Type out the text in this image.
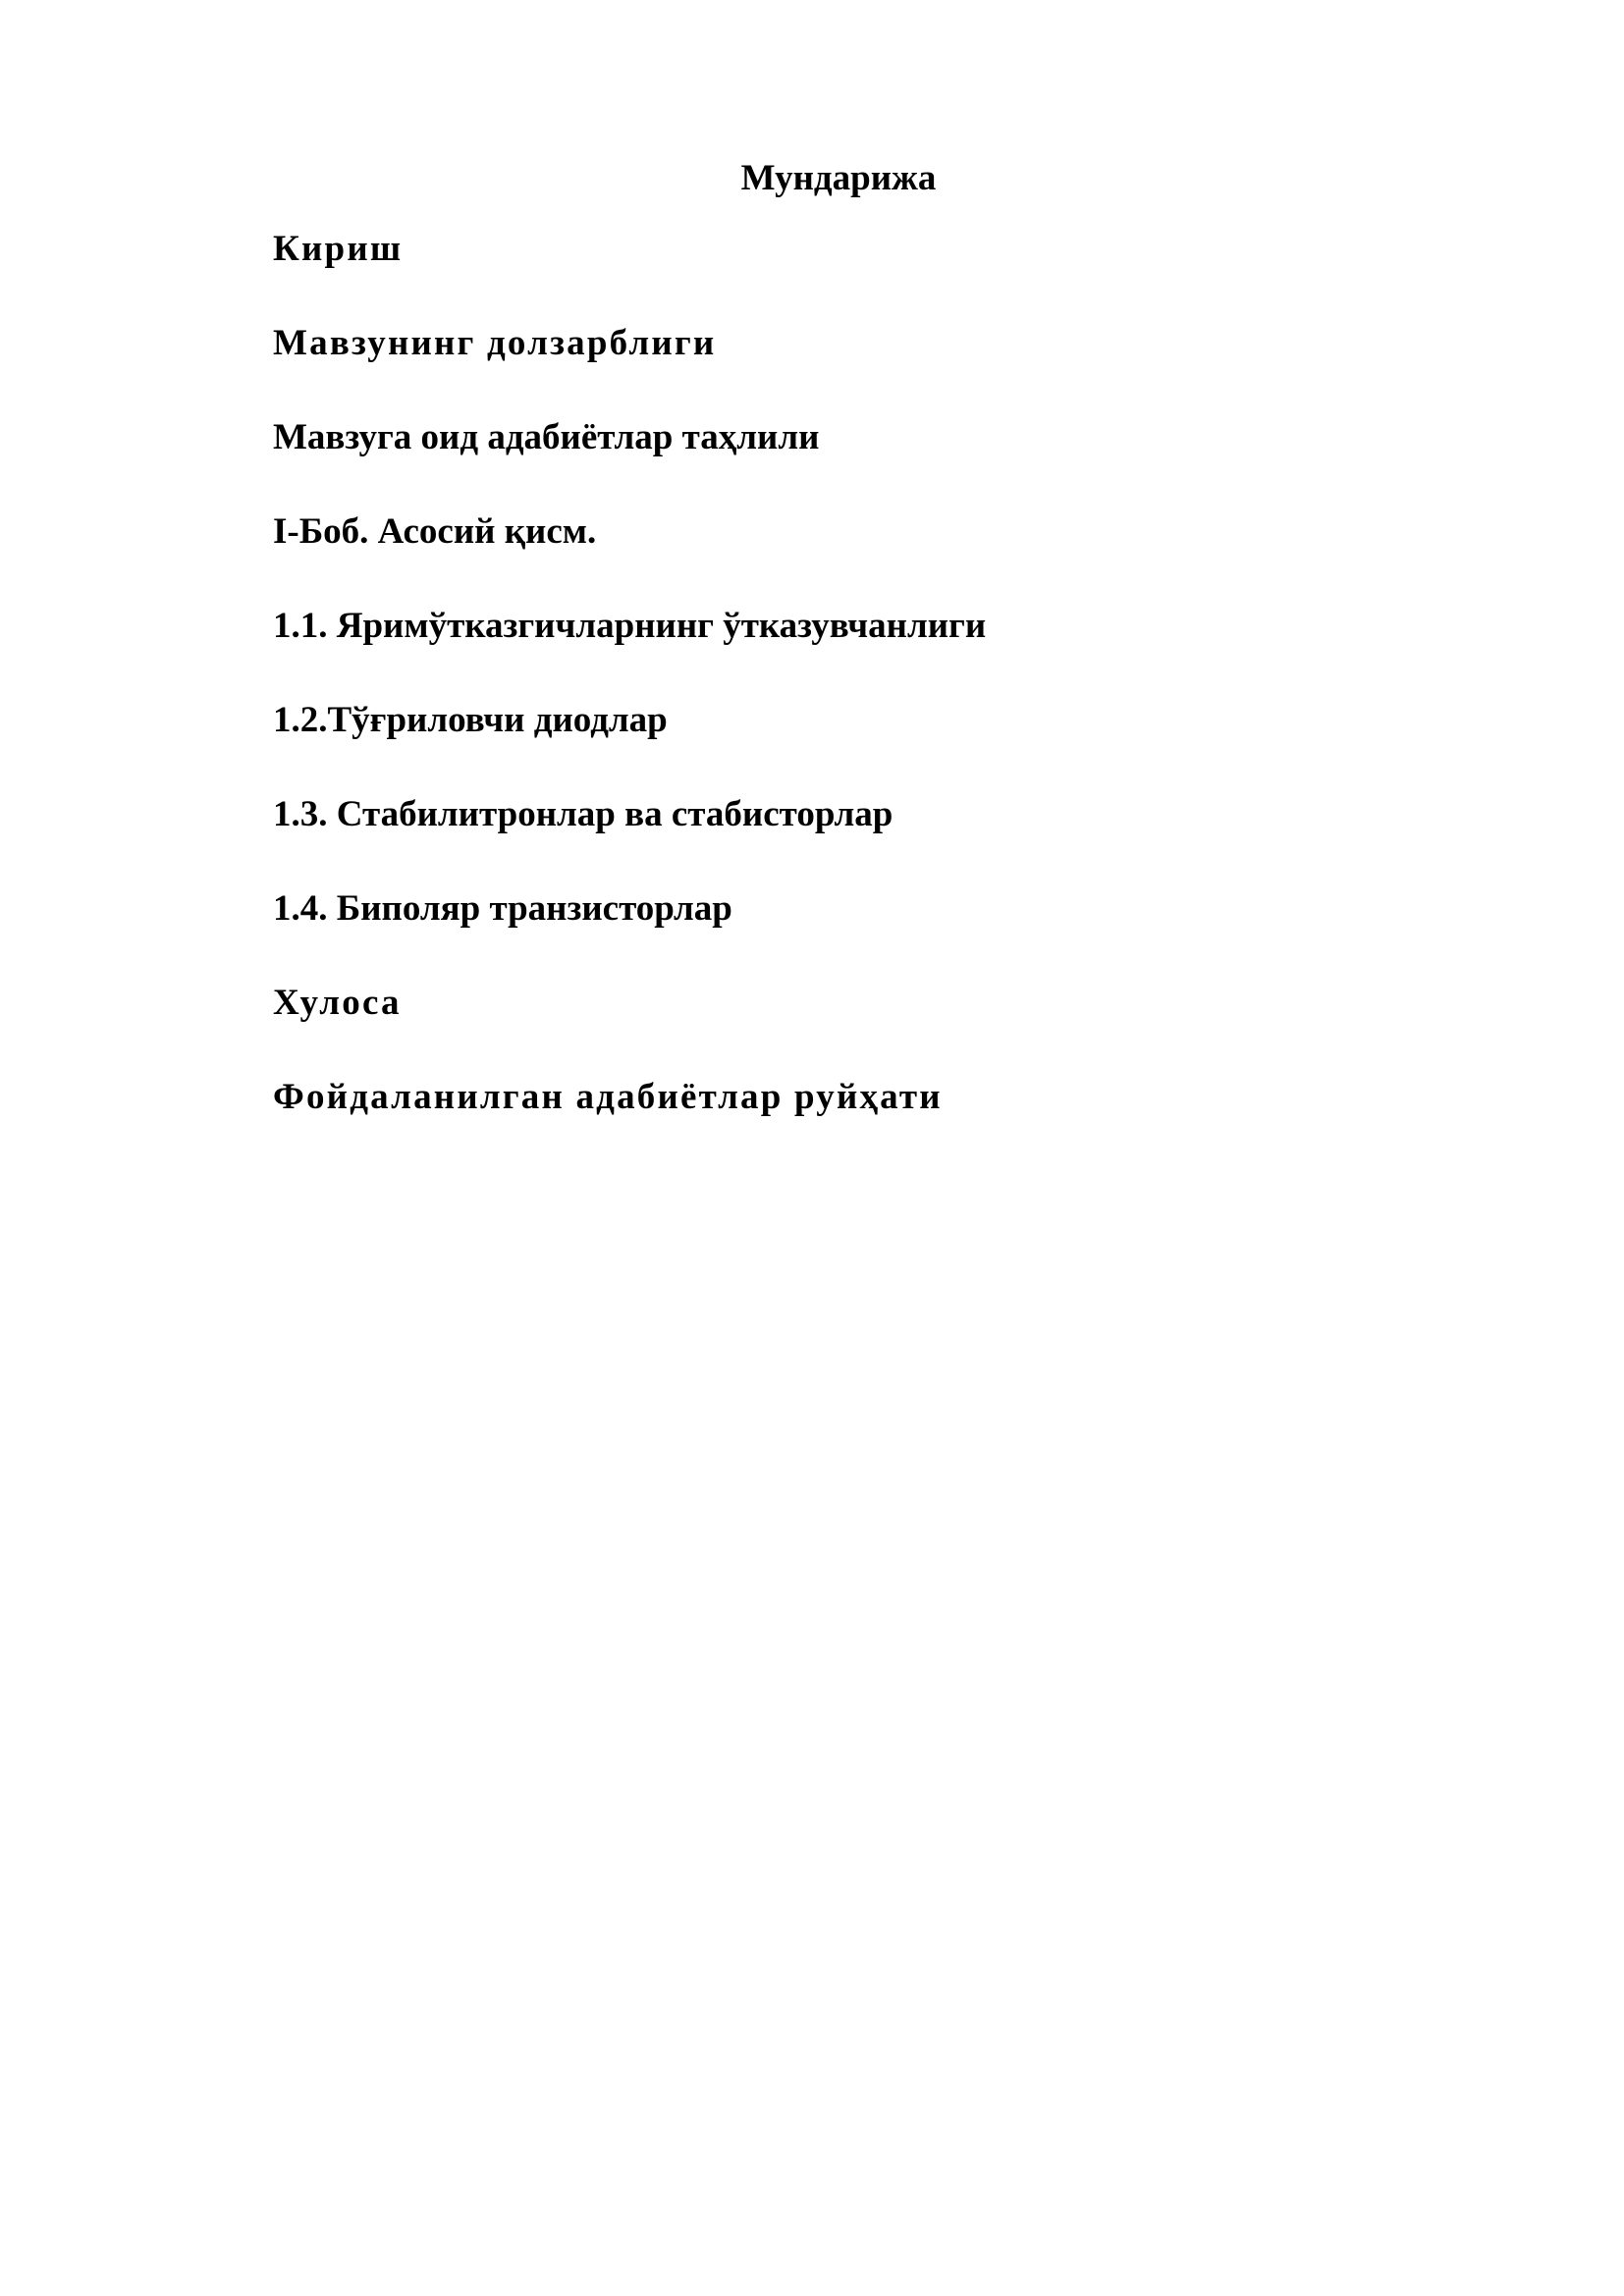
Мундарижа
Кириш
Мавзунинг долзарблиги
Мавзуга оид адабиётлар таҳлили
I-Боб. Асосий қисм.
1.1. Яримўтказгичларнинг ўтказувчанлиги
1.2.Тўғриловчи диодлар
1.3. Стабилитронлар ва стабисторлар
1.4. Биполяр транзисторлар
Хулоса
Фойдаланилган адабиётлар руйҳати
